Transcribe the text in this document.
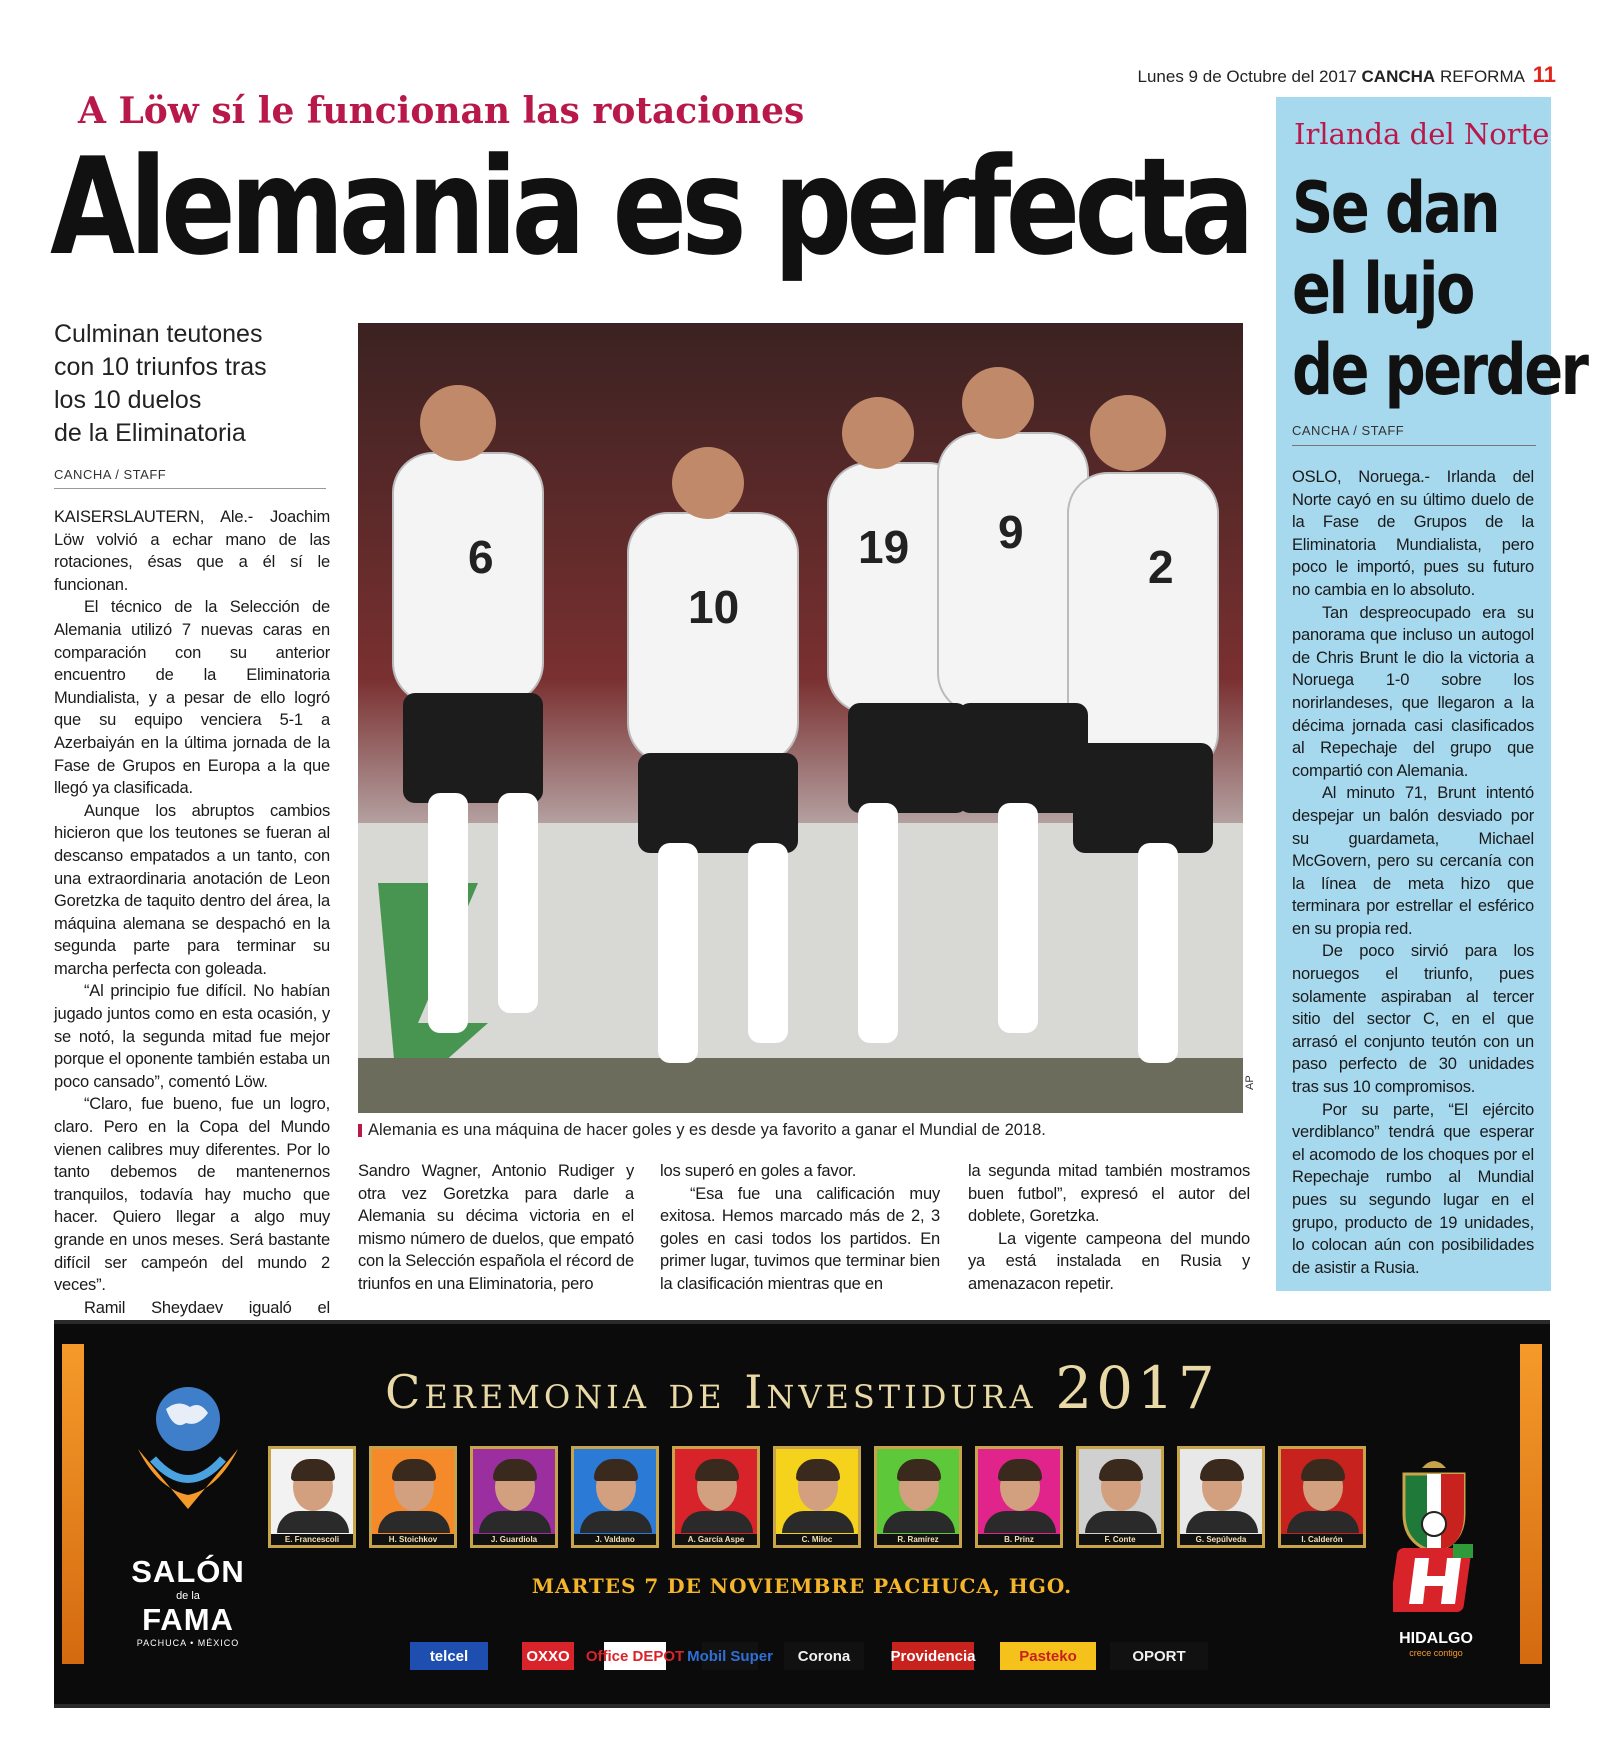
Lunes 9 de Octubre del 2017 CANCHA REFORMA 11
A Löw sí le funcionan las rotaciones
Alemania es perfecta
Culminan teutones
con 10 triunfos tras
los 10 duelos
de la Eliminatoria
CANCHA / STAFF

KAISERSLAUTERN, Ale.- Joachim Löw volvió a echar mano de las rotaciones, ésas que a él sí le funcionan.

El técnico de la Selección de Alemania utilizó 7 nuevas caras en comparación con su anterior encuentro de la Eliminatoria Mundialista, y a pesar de ello logró que su equipo venciera 5-1 a Azerbaiyán en la última jornada de la Fase de Grupos en Europa a la que llegó ya clasificada.

Aunque los abruptos cambios hicieron que los teutones se fueran al descanso empatados a un tanto, con una extraordinaria anotación de Leon Goretzka de taquito dentro del área, la máquina alemana se despachó en la segunda parte para terminar su marcha perfecta con goleada.

“Al principio fue difícil. No habían jugado juntos como en esta ocasión, y se notó, la segunda mitad fue mejor porque el oponente también estaba un poco cansado”, comentó Löw.

“Claro, fue bueno, fue un logro, claro. Pero en la Copa del Mundo vienen calibres muy diferentes. Por lo tanto debemos de mantenernos tranquilos, todavía hay mucho que hacer. Quiero llegar a algo muy grande en unos meses. Será bastante difícil ser campeón del mundo 2 veces”.

Ramil Sheydaev igualó el

6
10
19 9
2
AP
Alemania es una máquina de hacer goles y es desde ya favorito a ganar el Mundial de 2018.

Sandro Wagner, Antonio Rudiger y otra vez Goretzka para darle a Alemania su décima victoria en el mismo número de duelos, que empató con la Selección española el récord de triunfos en una Eliminatoria, pero

los superó en goles a favor.

“Esa fue una calificación muy exitosa. Hemos marcado más de 2, 3 goles en casi todos los partidos. En primer lugar, tuvimos que terminar bien la clasificación mientras que en

la segunda mitad también mostramos buen futbol”, expresó el autor del doblete, Goretzka.

La vigente campeona del mundo ya está instalada en Rusia y amenazacon repetir.

Irlanda del Norte
Se dan
el lujo
de perder
CANCHA / STAFF

OSLO, Noruega.- Irlanda del Norte cayó en su último duelo de la Fase de Grupos de la Eliminatoria Mundialista, pero poco le importó, pues su futuro no cambia en lo absoluto.

Tan despreocupado era su panorama que incluso un autogol de Chris Brunt le dio la victoria a Noruega 1-0 sobre los norirlandeses, que llegaron a la décima jornada casi clasificados al Repechaje del grupo que compartió con Alemania.

Al minuto 71, Brunt intentó despejar un balón desviado por su guardameta, Michael McGovern, pero su cercanía con la línea de meta hizo que terminara por estrellar el esférico en su propia red.

De poco sirvió para los noruegos el triunfo, pues solamente aspiraban al tercer sitio del sector C, en el que arrasó el conjunto teutón con un paso perfecto de 30 unidades tras sus 10 compromisos.

Por su parte, “El ejército verdiblanco” tendrá que esperar el acomodo de los choques por el Repechaje rumbo al Mundial pues su segundo lugar en el grupo, producto de 19 unidades, lo colocan aún con posibilidades de asistir a Rusia.

Ceremonia de Investidura 2017
E. Francescoli	H. Stoichkov	J. Guardiola	J. Valdano	A. García Aspe	C. Miloc	R. Ramírez	B. Prinz	F. Conte	G. Sepúlveda	I. Calderón
MARTES 7 DE NOVIEMBRE PACHUCA, HGO.
SALÓN
de la
FAMA
PACHUCA • MÉXICO
telcel	OXXO Office DEPOT Mobil Super	Corona	Providencia	Pasteko	OPORT
HIDALGO
crece contigo
